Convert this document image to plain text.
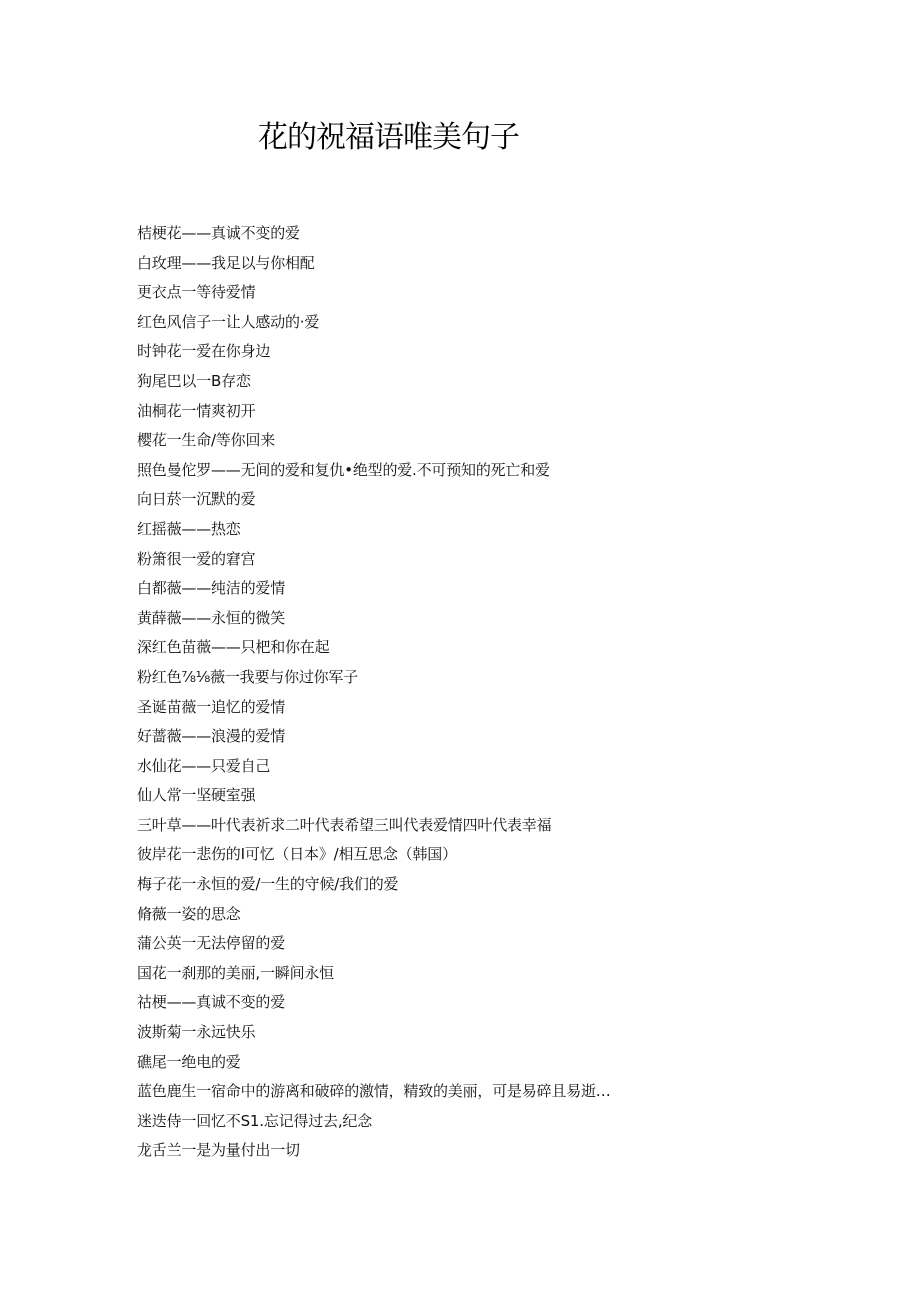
花的祝福语唯美句子
桔梗花——真诚不变的爱
白玫理——我足以与你相配
更衣点一等待爱情
红色风信子一让人感动的·爱
时钟花一爱在你身边
狗尾巴以一B存恋
油桐花一情爽初开
樱花一生命/等你回来
照色曼佗罗——无间的爱和复仇•绝型的爱.不可预知的死亡和爱
向日菸一沉默的爱
红摇薇——热恋
粉箫很一爱的窘宫
白都薇——纯洁的爱情
黄薛薇——永恒的微笑
深红色苗薇——只杷和你在起
粉红色⅞⅛薇一我要与你过你军子
圣诞苗薇一追忆的爱情
好蔷薇——浪漫的爱情
水仙花——只爱自己
仙人常一坚硬室强
三叶草——叶代表祈求二叶代表希望三叫代表爱情四叶代表幸福
彼岸花一悲伤的I可忆（日本》/相互思念（韩国）
梅子花一永恒的爱/一生的守候/我们的爱
脩薇一姿的思念
蒲公英一无法停留的爱
国花一刹那的美丽,一瞬间永恒
祜梗——真诚不变的爱
波斯菊一永远快乐
礁尾一绝电的爱
蓝色鹿生一宿命中的游离和破碎的激情，精致的美丽，可是易碎且易逝…
迷迭侍一回忆不S1.忘记得过去,纪念
龙舌兰一是为量付出一切
